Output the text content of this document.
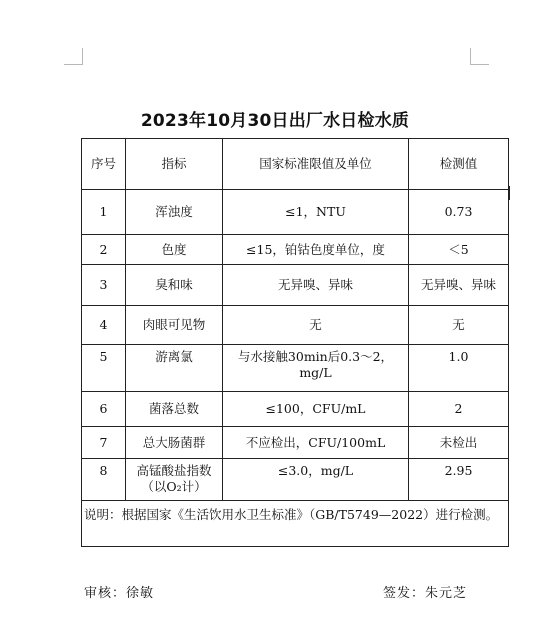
2023年10月30日出厂水日检水质
序号	指标	国家标准限值及单位	检测值
1	浑浊度	≤1，NTU	0.73
2	色度	≤15，铂钴色度单位，度	＜5
3	臭和味	无异嗅、异味	无异嗅、异味
4	肉眼可见物	无	无
5	游离氯	与水接触30min后0.3～2，mg/L	1.0
6	菌落总数	≤100，CFU/mL	2
7	总大肠菌群	不应检出，CFU/100mL	未检出
8	高锰酸盐指数（以O₂计）	≤3.0，mg/L	2.95
说明：根据国家《生活饮用水卫生标准》（GB/T5749—2022）进行检测。			
审核：徐敏	签发：朱元芝
